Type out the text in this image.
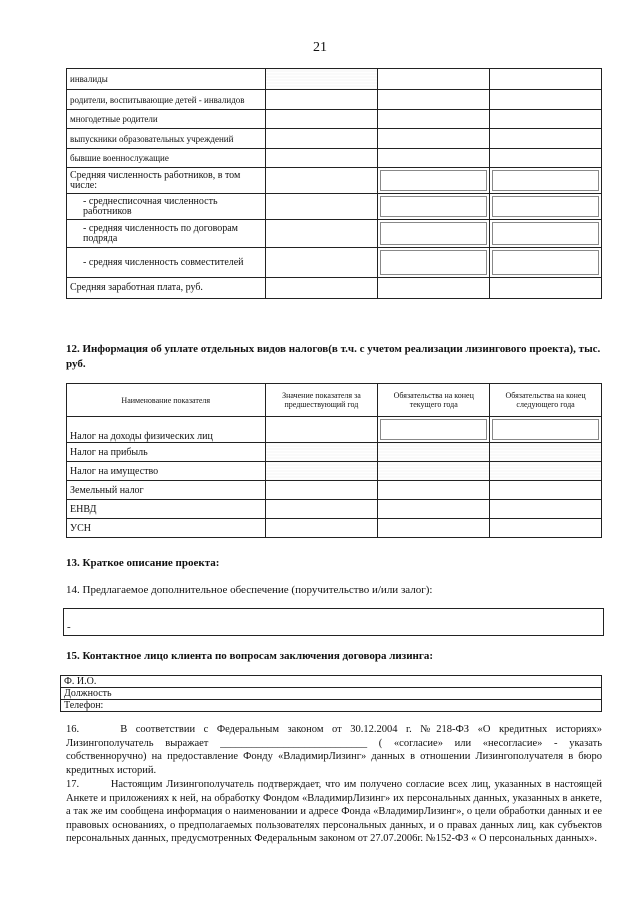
21
инвалиды			
родители, воспитывающие детей - инвалидов			
многодетные родители			
выпускники образовательных учреждений			
бывшие военнослужащие			
Средняя численность работников, в том числе:			
- среднесписочная численность работников			
- средняя численность по договорам подряда			
- средняя численность совместителей			
Средняя заработная плата, руб.			
12. Информация об уплате отдельных видов налогов(в т.ч. с учетом реализации лизингового проекта), тыс. руб.
Наименование показателя	Значение показателя за предшествующий год	Обязательства на конец текущего года	Обязательства на конец следующего года
Налог на доходы физических лиц			
Налог на прибыль			
Налог на имущество			
Земельный налог			
ЕНВД			
УСН			
13. Краткое описание проекта:
14. Предлагаемое дополнительное обеспечение (поручительство и/или залог):
-
15. Контактное лицо клиента по вопросам заключения договора лизинга:
Ф. И.О.
Должность
Телефон:
16.	В соответствии с Федеральным законом от 30.12.2004 г. №218-ФЗ «О кредитных историях» Лизингополучатель выражает ____________________________ ( «согласие» или «несогласие» - указать собственноручно) на предоставление Фонду «ВладимирЛизинг» данных в отношении Лизингополучателя в бюро кредитных историй.
17.	Настоящим Лизингополучатель подтверждает, что им получено согласие всех лиц, указанных в настоящей Анкете и приложениях к ней, на обработку Фондом «ВладимирЛизинг» их персональных данных, указанных в анкете, а так же им сообщена информация о наименовании и адресе Фонда «ВладимирЛизинг», о цели обработки данных и ее правовых основаниях, о предполагаемых пользователях персональных данных, и о правах данных лиц, как субъектов персональных данных, предусмотренных Федеральным законом от 27.07.2006г. №152-ФЗ « О персональных данных».
